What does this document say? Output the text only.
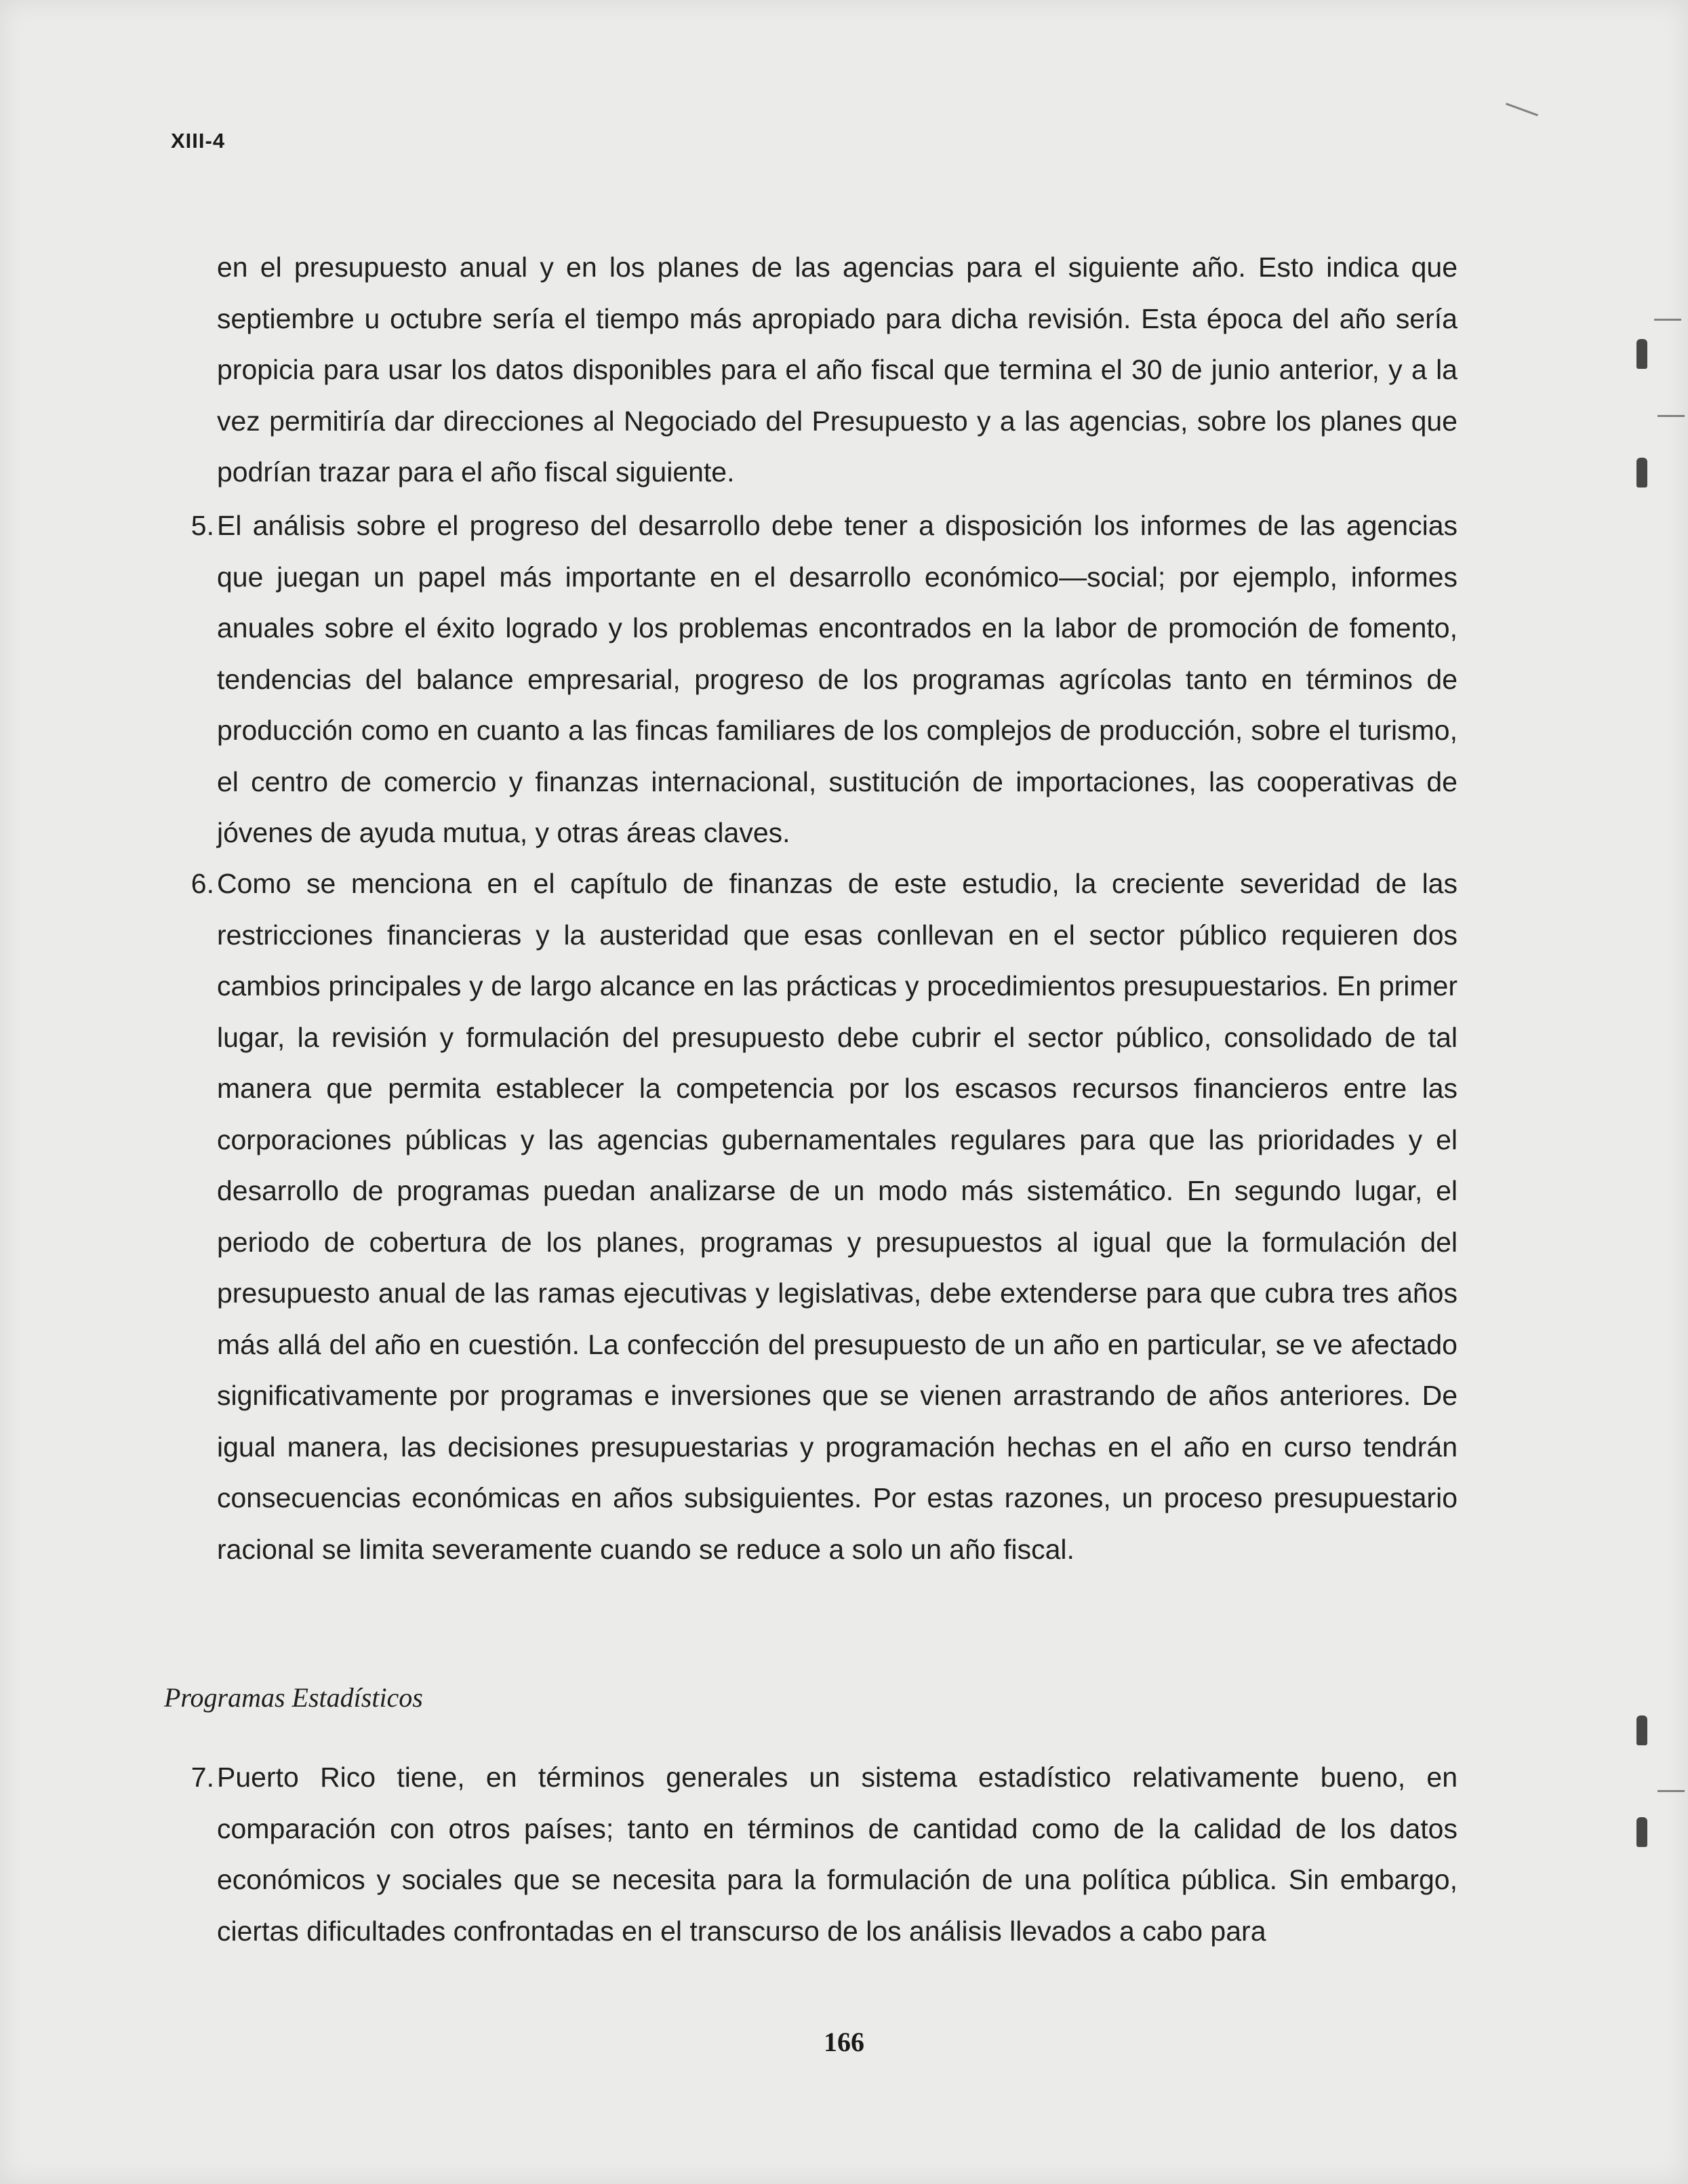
XIII-4

en el presupuesto anual y en los planes de las agencias para el siguiente año. Esto indica que septiembre u octubre sería el tiempo más apropiado para dicha revisión. Esta época del año sería propicia para usar los datos disponibles para el año fiscal que termina el 30 de junio anterior, y a la vez permitiría dar direcciones al Negociado del Presupuesto y a las agencias, sobre los planes que podrían trazar para el año fiscal siguiente.

5. El análisis sobre el progreso del desarrollo debe tener a disposición los informes de las agencias que juegan un papel más importante en el desarrollo económico—social; por ejemplo, informes anuales sobre el éxito logrado y los problemas encontrados en la labor de promoción de fomento, tendencias del balance empresarial, progreso de los programas agrícolas tanto en términos de producción como en cuanto a las fincas familiares de los complejos de producción, sobre el turismo, el centro de comercio y finanzas internacional, sustitución de importaciones, las cooperativas de jóvenes de ayuda mutua, y otras áreas claves.
6. Como se menciona en el capítulo de finanzas de este estudio, la creciente severidad de las restricciones financieras y la austeridad que esas conllevan en el sector público requieren dos cambios principales y de largo alcance en las prácticas y procedimientos presupuestarios. En primer lugar, la revisión y formulación del presupuesto debe cubrir el sector público, consolidado de tal manera que permita establecer la competencia por los escasos recursos financieros entre las corporaciones públicas y las agencias gubernamentales regulares para que las prioridades y el desarrollo de programas puedan analizarse de un modo más sistemático. En segundo lugar, el periodo de cobertura de los planes, programas y presupuestos al igual que la formulación del presupuesto anual de las ramas ejecutivas y legislativas, debe extenderse para que cubra tres años más allá del año en cuestión. La confección del presupuesto de un año en particular, se ve afectado significativamente por programas e inversiones que se vienen arrastrando de años anteriores. De igual manera, las decisiones presupuestarias y programación hechas en el año en curso tendrán consecuencias económicas en años subsiguientes. Por estas razones, un proceso presupuestario racional se limita severamente cuando se reduce a solo un año fiscal.
Programas Estadísticos
7. Puerto Rico tiene, en términos generales un sistema estadístico relativamente bueno, en comparación con otros países; tanto en términos de cantidad como de la calidad de los datos económicos y sociales que se necesita para la formulación de una política pública. Sin embargo, ciertas dificultades confrontadas en el transcurso de los análisis llevados a cabo para
166
